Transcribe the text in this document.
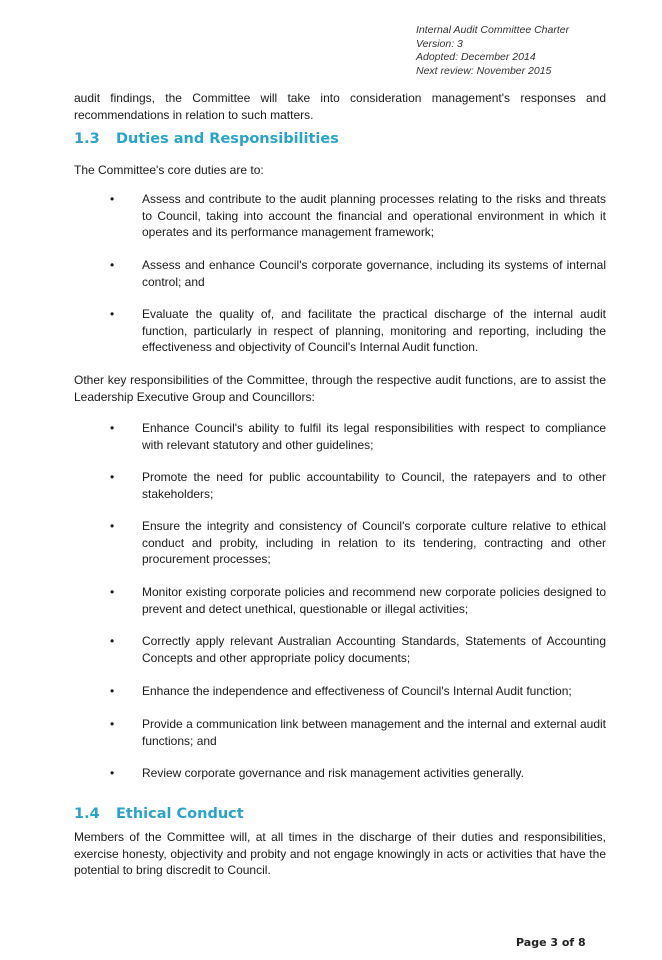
Internal Audit Committee Charter
Version: 3
Adopted: December 2014
Next review: November 2015
audit findings, the Committee will take into consideration management's responses and recommendations in relation to such matters.
1.3 Duties and Responsibilities
The Committee's core duties are to:
•	Assess and contribute to the audit planning processes relating to the risks and threats to Council, taking into account the financial and operational environment in which it operates and its performance management framework;
•	Assess and enhance Council's corporate governance, including its systems of internal control; and
•	Evaluate the quality of, and facilitate the practical discharge of the internal audit function, particularly in respect of planning, monitoring and reporting, including the effectiveness and objectivity of Council's Internal Audit function.
Other key responsibilities of the Committee, through the respective audit functions, are to assist the Leadership Executive Group and Councillors:
•	Enhance Council's ability to fulfil its legal responsibilities with respect to compliance with relevant statutory and other guidelines;
•	Promote the need for public accountability to Council, the ratepayers and to other stakeholders;
•	Ensure the integrity and consistency of Council's corporate culture relative to ethical conduct and probity, including in relation to its tendering, contracting and other procurement processes;
•	Monitor existing corporate policies and recommend new corporate policies designed to prevent and detect unethical, questionable or illegal activities;
•	Correctly apply relevant Australian Accounting Standards, Statements of Accounting Concepts and other appropriate policy documents;
•	Enhance the independence and effectiveness of Council's Internal Audit function;
•	Provide a communication link between management and the internal and external audit functions; and
•	Review corporate governance and risk management activities generally.
1.4 Ethical Conduct
Members of the Committee will, at all times in the discharge of their duties and responsibilities, exercise honesty, objectivity and probity and not engage knowingly in acts or activities that have the potential to bring discredit to Council.
Page 3 of 8
